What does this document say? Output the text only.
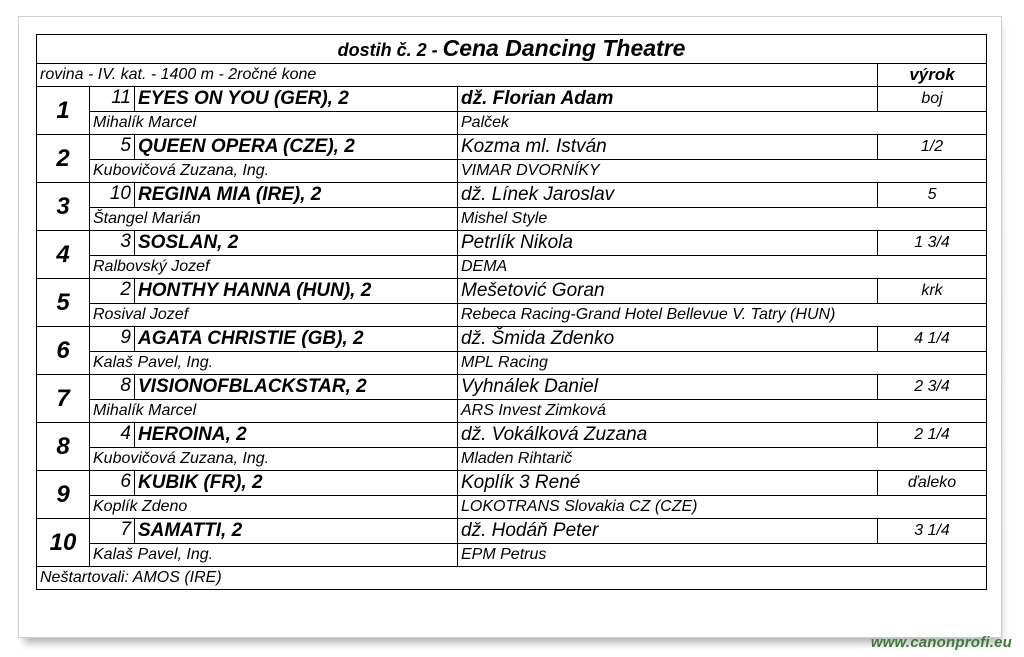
dostih č. 2 - Cena Dancing Theatre				
rovina - IV. kat. - 1400 m - 2ročné kone				výrok
1	11	EYES ON YOU (GER), 2	dž. Florian Adam	boj
	Mihalík Marcel		Palček	
2	5	QUEEN OPERA (CZE), 2	Kozma ml. István	1/2
	Kubovičová Zuzana, Ing.		VIMAR DVORNÍKY	
3	10	REGINA MIA (IRE), 2	dž. Línek Jaroslav	5
	Štangel Marián		Mishel Style	
4	3	SOSLAN, 2	Petrlík Nikola	1 3/4
	Ralbovský Jozef		DEMA	
5	2	HONTHY HANNA (HUN), 2	Mešetović Goran	krk
	Rosival Jozef		Rebeca Racing-Grand Hotel Bellevue V. Tatry (HUN)	
6	9	AGATA CHRISTIE (GB), 2	dž. Šmida Zdenko	4 1/4
	Kalaš Pavel, Ing.		MPL Racing	
7	8	VISIONOFBLACKSTAR, 2	Vyhnálek Daniel	2 3/4
	Mihalík Marcel		ARS Invest Zimková	
8	4	HEROINA, 2	dž. Vokálková Zuzana	2 1/4
	Kubovičová Zuzana, Ing.		Mladen Rihtarič	
9	6	KUBIK (FR), 2	Koplík 3 René	ďaleko
	Koplík Zdeno		LOKOTRANS Slovakia CZ (CZE)	
10	7	SAMATTI, 2	dž. Hodáň Peter	3 1/4
	Kalaš Pavel, Ing.		EPM Petrus	
Neštartovali: AMOS (IRE)				
www.canonprofi.eu
